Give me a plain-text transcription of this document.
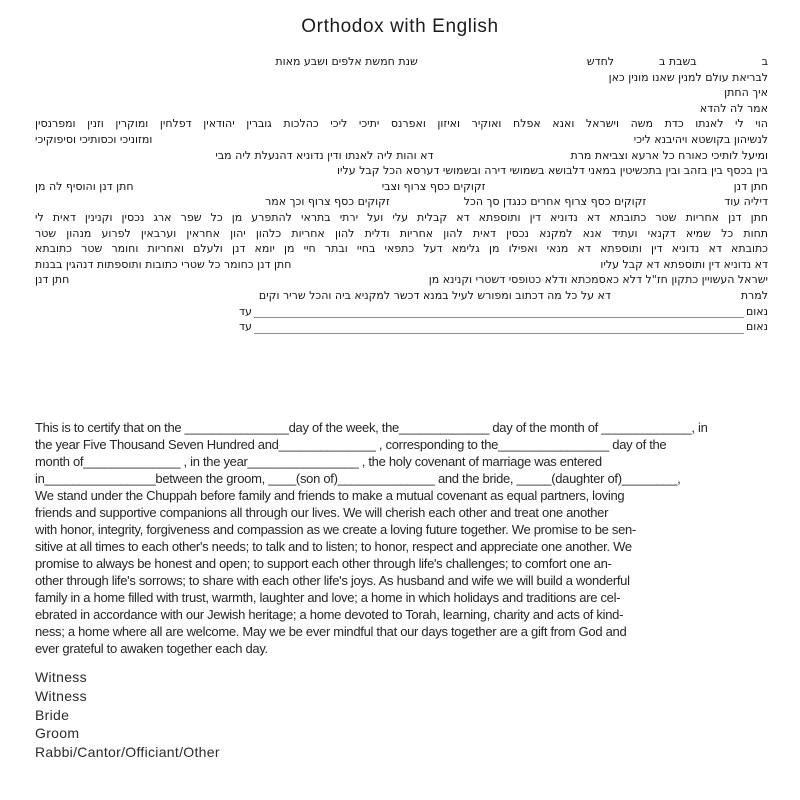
Orthodox with English
ב
בשבת ב
לחדש
שנת חמשת אלפים ושבע מאות
לבריאת עולם למנין שאנו מונין כאן
איך החתן
אמר לה להדא
הוי לי לאנתו כדת משה וישראל ואנא אפלח ואוקיר ואיזון ואפרנס יתיכי ליכי כהלכות גוברין יהודאין דפלחין ומוקרין וזנין ומפרנסין
לנשיהון בקושטא ויהיבנא ליכי
ומזוניכי וכסותיכי וסיפוקיכי
ומיעל לותיכי כאורח כל ארעא וצביאת מרת
דא והות ליה לאנתו ודין נדוניא דהנעלת ליה מבי
בין בכסף בין בזהב ובין בתכשיטין במאני דלבושא בשמושי דירה ובשמושי דערסא הכל קבל עליו
חתן דנן
זקוקים כסף צרוף וצבי
חתן דנן והוסיף לה מן
דיליה עוד
זקוקים כסף צרוף אחרים כנגדן סך הכל
זקוקים כסף צרוף וכך אמר
חתן דנן אחריות שטר כתובתא דא נדוניא דין ותוספתא דא קבלית עלי ועל ירתי בתראי להתפרע מן כל שפר ארג נכסין וקנינין דאית לי
תחות כל שמיא דקנאי ועתיד אנא למקנא נכסין דאית להון אחריות ודלית להון אחריות כלהון יהון אחראין וערבאין לפרוע מנהון שטר
כתובתא דא נדוניא דין ותוספתא דא מנאי ואפילו מן גלימא דעל כתפאי בחיי ובתר חיי מן יומא דנן ולעלם ואחריות וחומר שטר כתובתא
דא נדוניא דין ותוספתא דא קבל עליו
חתן דנן כחומר כל שטרי כתובות ותוספתות דנהגין בבנות
ישראל העשויין כתקון חז"ל דלא כאסמכתא ודלא כטופסי דשטרי וקנינא מן
חתן דנן
למרת
דא על כל מה דכתוב ומפורש לעיל במנא דכשר למקניא ביה והכל שריר וקים
נאום
עד
נאום
עד
This is to certify that on the _______________day of the week, the_____________ day of the month of _____________, in
the year Five Thousand Seven Hundred and______________ , corresponding to the________________ day of the
month of______________ , in the year________________ , the holy covenant of marriage was entered
in________________between the groom, ____(son of)______________ and the bride, _____(daughter of)________,
We stand under the Chuppah before family and friends to make a mutual covenant as equal partners, loving
friends and supportive companions all through our lives. We will cherish each other and treat one another
with honor, integrity, forgiveness and compassion as we create a loving future together. We promise to be sen-
sitive at all times to each other's needs; to talk and to listen; to honor, respect and appreciate one another. We
promise to always be honest and open; to support each other through life's challenges; to comfort one an-
other through life's sorrows; to share with each other life's joys. As husband and wife we will build a wonderful
family in a home filled with trust, warmth, laughter and love; a home in which holidays and traditions are cel-
ebrated in accordance with our Jewish heritage; a home devoted to Torah, learning, charity and acts of kind-
ness; a home where all are welcome. May we be ever mindful that our days together are a gift from God and
ever grateful to awaken together each day.
Witness
Witness
Bride
Groom
Rabbi/Cantor/Officiant/Other
